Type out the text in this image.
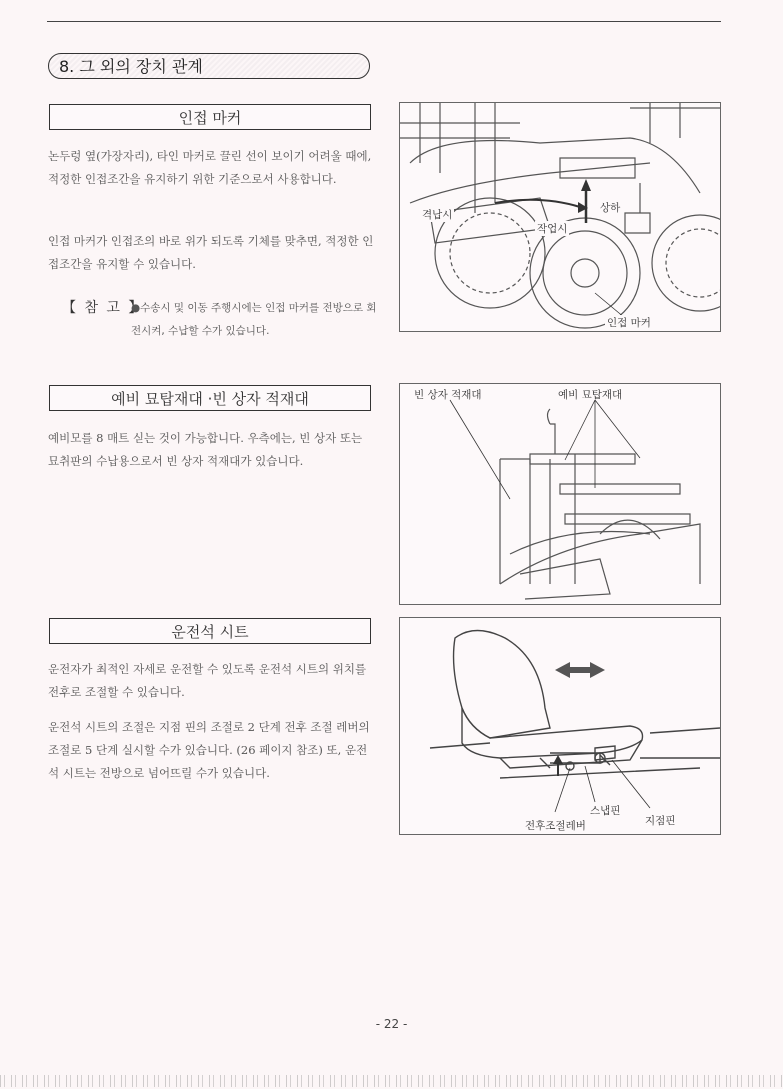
8. 그 외의 장치 관계
인접 마커
논두렁 옆(가장자리), 타인 마커로 끌린 선이 보이기 어려울 때에, 적정한 인접조간을 유지하기 위한 기준으로서 사용합니다.
인접 마커가 인접조의 바로 위가 되도록 기체를 맞추면, 적정한 인접조간을 유지할 수 있습니다.
【 참 고 】
●수송시 및 이동 주행시에는 인접 마커를 전방으로 회전시켜, 수납할 수가 있습니다.
격납시
작업시
상하
인접 마커
예비 묘탑재대 ·빈 상자 적재대
예비모를 8 매트 싣는 것이 가능합니다. 우측에는, 빈 상자 또는 묘취판의 수납용으로서 빈 상자 적재대가 있습니다.
빈 상자 적재대	예비 묘탑재대
운전석 시트
운전자가 최적인 자세로 운전할 수 있도록 운전석 시트의 위치를 전후로 조절할 수 있습니다.
운전석 시트의 조절은 지점 핀의 조절로 2 단계 전후 조절 레버의 조절로 5 단계 실시할 수가 있습니다. (26 페이지 참조) 또, 운전석 시트는 전방으로 넘어뜨릴 수가 있습니다.
스냅핀
지점핀
전후조절레버
- 22 -
